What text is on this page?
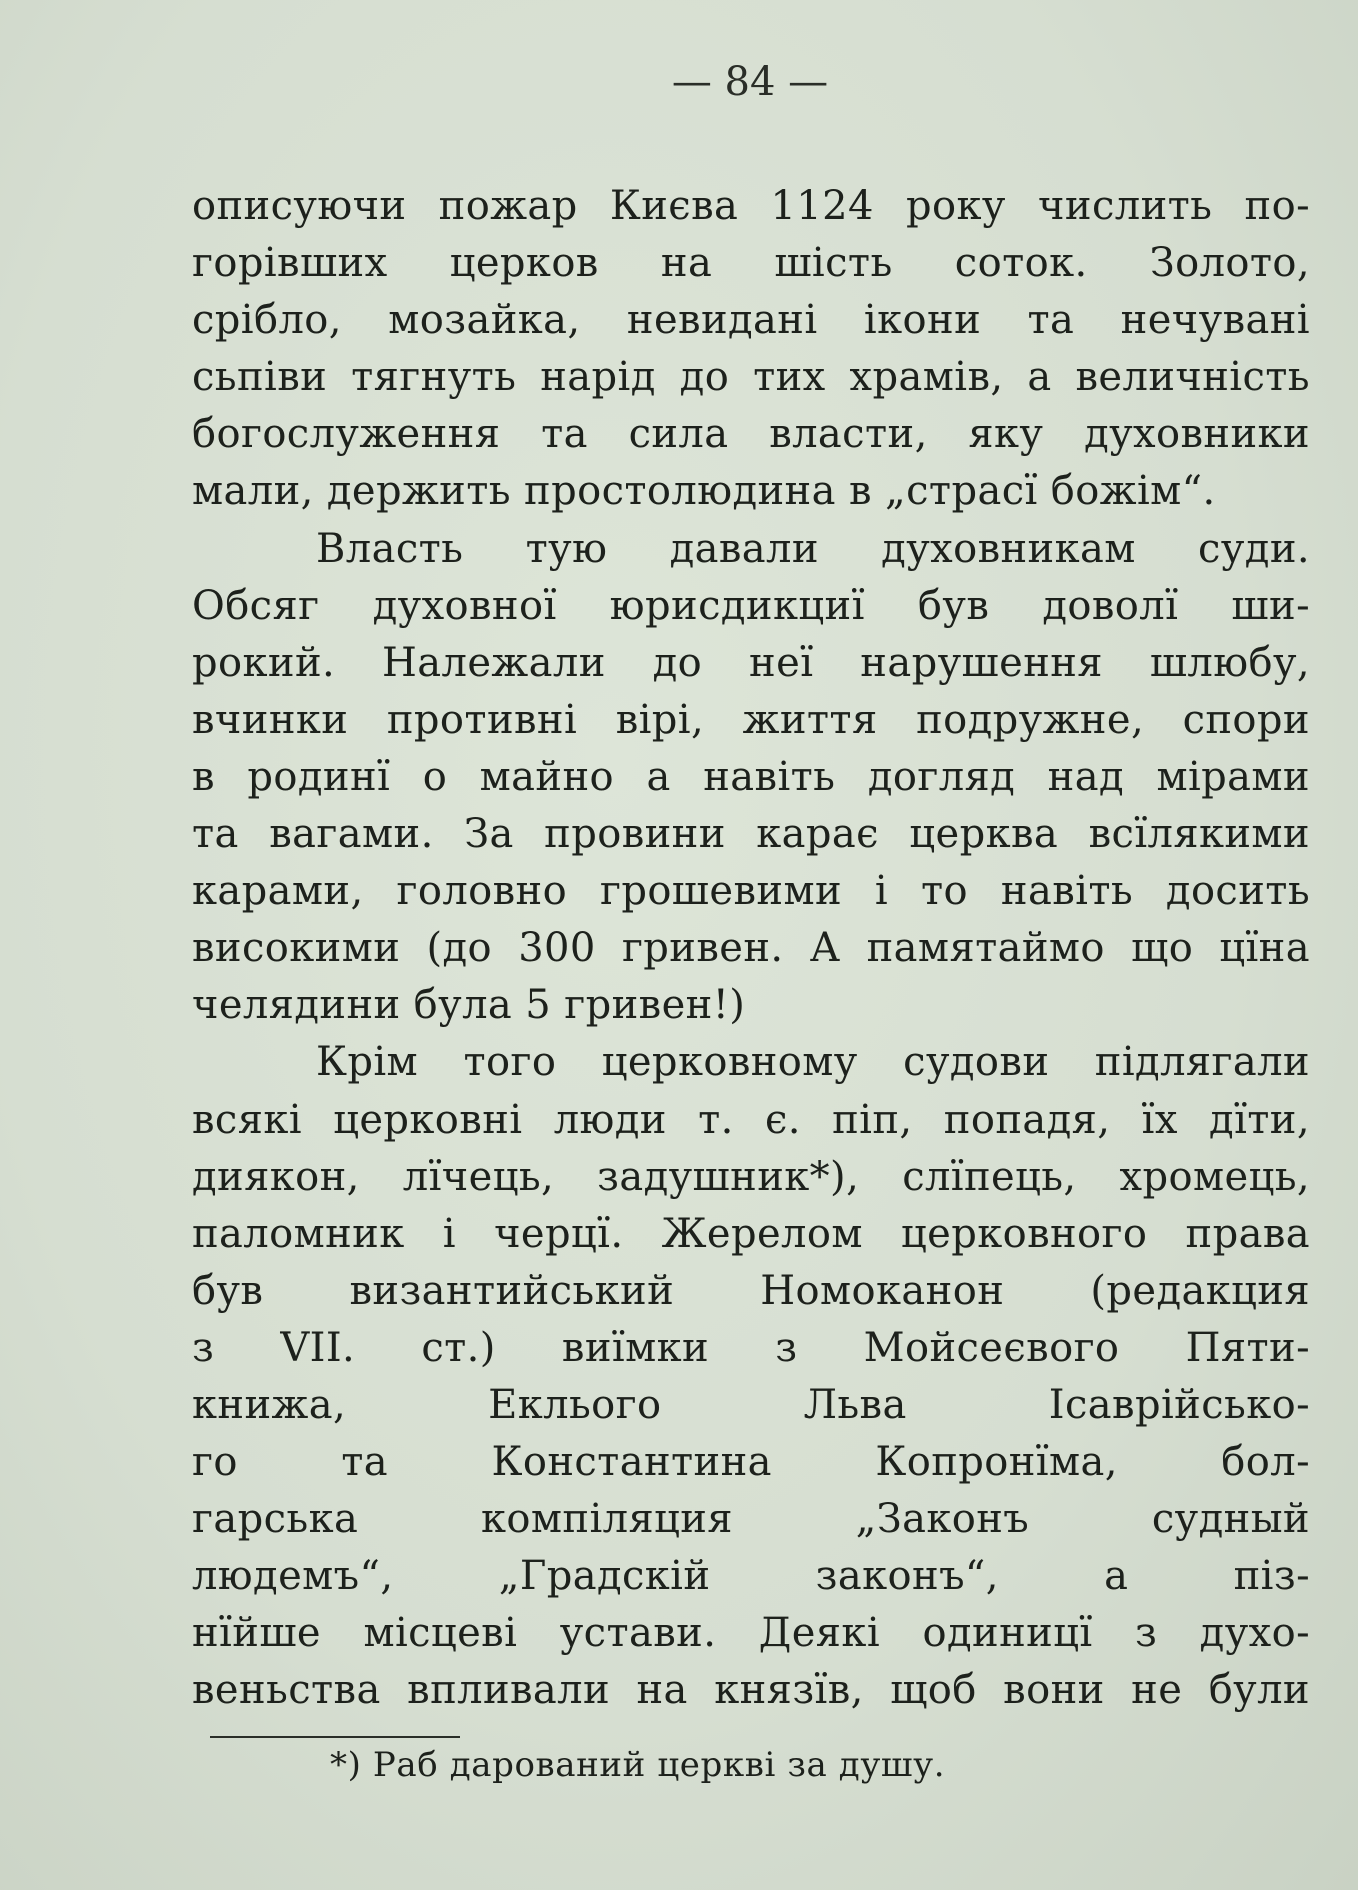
— 84 —
описуючи пожар Києва 1124 року числить по-
горівших церков на шість соток. Золото,
срібло, мозайка, невидані ікони та нечувані
сьпіви тягнуть нарід до тих храмів, а величність
богослуження та сила власти, яку духовники
мали, держить простолюдина в „страсї божім“.
Власть тую давали духовникам суди.
Обсяг духовної юрисдикциї був доволї ши-
рокий. Належали до неї нарушення шлюбу,
вчинки противні вірі, життя подружне, спори
в родинї о майно а навіть догляд над мірами
та вагами. За провини карає церква всїлякими
карами, головно грошевими і то навіть досить
високими (до 300 гривен. А памятаймо що цїна
челядини була 5 гривен!)
Крім того церковному судови підлягали
всякі церковні люди т. є. піп, попадя, їх дїти,
диякон, лїчець, задушник*), слїпець, хромець,
паломник і черцї. Жерелом церковного права
був византийський Номоканон (редакция
з VII. ст.) виїмки з Мойсеєвого Пяти-
книжа, Еклього Льва Ісаврійсько-
го та Константина Копронїма, бол-
гарська компіляция „Законъ судный
людемъ“, „Градскій законъ“, а піз-
нїйше місцеві устави. Деякі одиницї з духо-
веньства впливали на князїв, щоб вони не були
*) Раб дарований церкві за душу.
